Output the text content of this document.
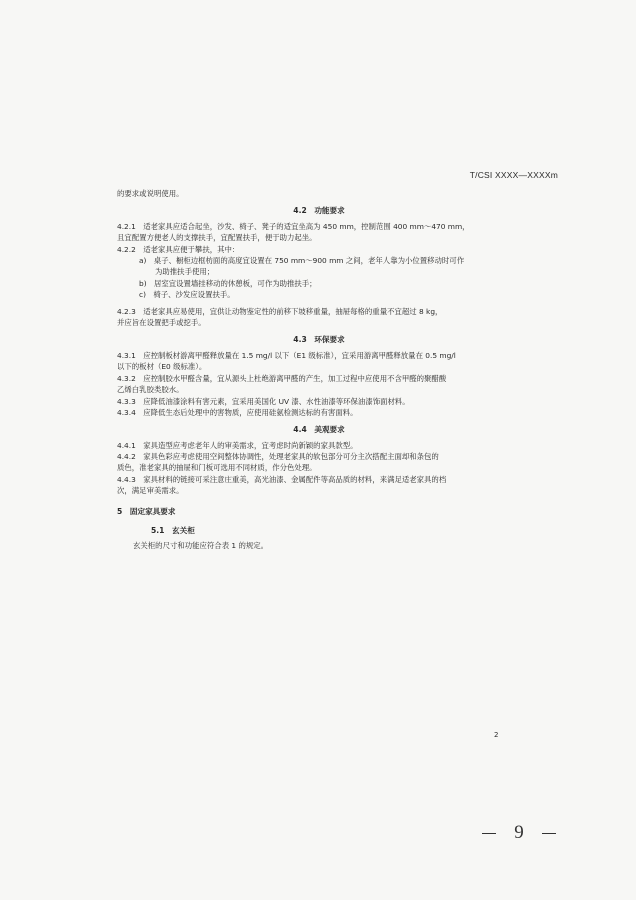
T/CSI XXXX—XXXXm
的要求或说明使用。
4.2　功能要求
4.2.1　适老家具应适合起坐，沙发、椅子、凳子的适宜坐高为 450 mm，控制范围 400 mm～470 mm，
且宜配置方便老人的支撑扶手，宜配置扶手，便于助力起坐。
4.2.2　适老家具应便于攀扶，其中：
a)　桌子、橱柜边框枋面的高度宜设置在 750 mm～900 mm 之间，老年人靠为小位置移动时可作
为助推扶手使用；
b)　居室宜设置墙挂移动的休憩板，可作为助推扶手；
c)　椅子、沙发应设置扶手。
4.2.3　适老家具应易使用，宜供让动物鉴定性的前移下坡移重量，抽屉每格的重量不宜超过 8 kg，
并应旨在设置把手或挖手。
4.3　环保要求
4.3.1　应控制板材游离甲醛释放量在 1.5 mg/l 以下（E1 级标准），宜采用游离甲醛释放量在 0.5 mg/l
以下的板材（E0 级标准）。
4.3.2　应控制胶水甲醛含量，宜从源头上杜绝游离甲醛的产生，加工过程中应使用不含甲醛的聚醋酸
乙烯白乳胶类胶水。
4.3.3　应降低油漆涂料有害元素，宜采用美国化 UV 漆、水性油漆等环保油漆饰面材料。
4.3.4　应降低生态后处理中的害物质，应使用硅氨检测达标的有害面料。
4.4　美观要求
4.4.1　家具造型应考虑老年人的审美需求，宜考虑时尚新颖的家具款型。
4.4.2　家具色彩应考虑使用空间整体协调性，处理老家具的软包部分可分主次搭配主面却和条包的
质色，准老家具的抽屉和门板可选用不同材质，作分色处理。
4.4.3　家具材料的链接可采注意庄重美，高光油漆、金属配件等高品质的材料，来满足适老家具的档
次，满足审美需求。
5　固定家具要求
5.1　玄关柜
玄关柜的尺寸和功能应符合表 1 的规定。
2
9
